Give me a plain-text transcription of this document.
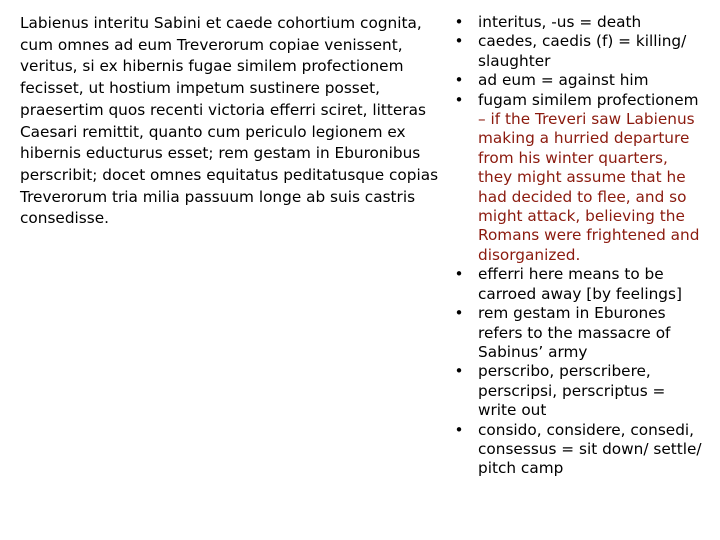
Labienus interitu Sabini et caede cohortium cognita,
cum omnes ad eum Treverorum copiae venissent,
veritus, si ex hibernis fugae similem profectionem
fecisset, ut hostium impetum sustinere posset,
praesertim quos recenti victoria efferri sciret, litteras
Caesari remittit, quanto cum periculo legionem ex
hibernis educturus esset; rem gestam in Eburonibus
perscribit; docet omnes equitatus peditatusque copias
Treverorum tria milia passuum longe ab suis castris
consedisse.

• interitus, -us = death
• caedes, caedis (f) = killing/
slaughter
• ad eum = against him
• fugam similem profectionem
– if the Treveri saw Labienus
making a hurried departure
from his winter quarters,
they might assume that he
had decided to flee, and so
might attack, believing the
Romans were frightened and
disorganized.
• efferri here means to be
carroed away [by feelings]
• rem gestam in Eburones
refers to the massacre of
Sabinus’ army
• perscribo, perscribere,
perscripsi, perscriptus =
write out
• consido, considere, consedi,
consessus = sit down/ settle/
pitch camp
